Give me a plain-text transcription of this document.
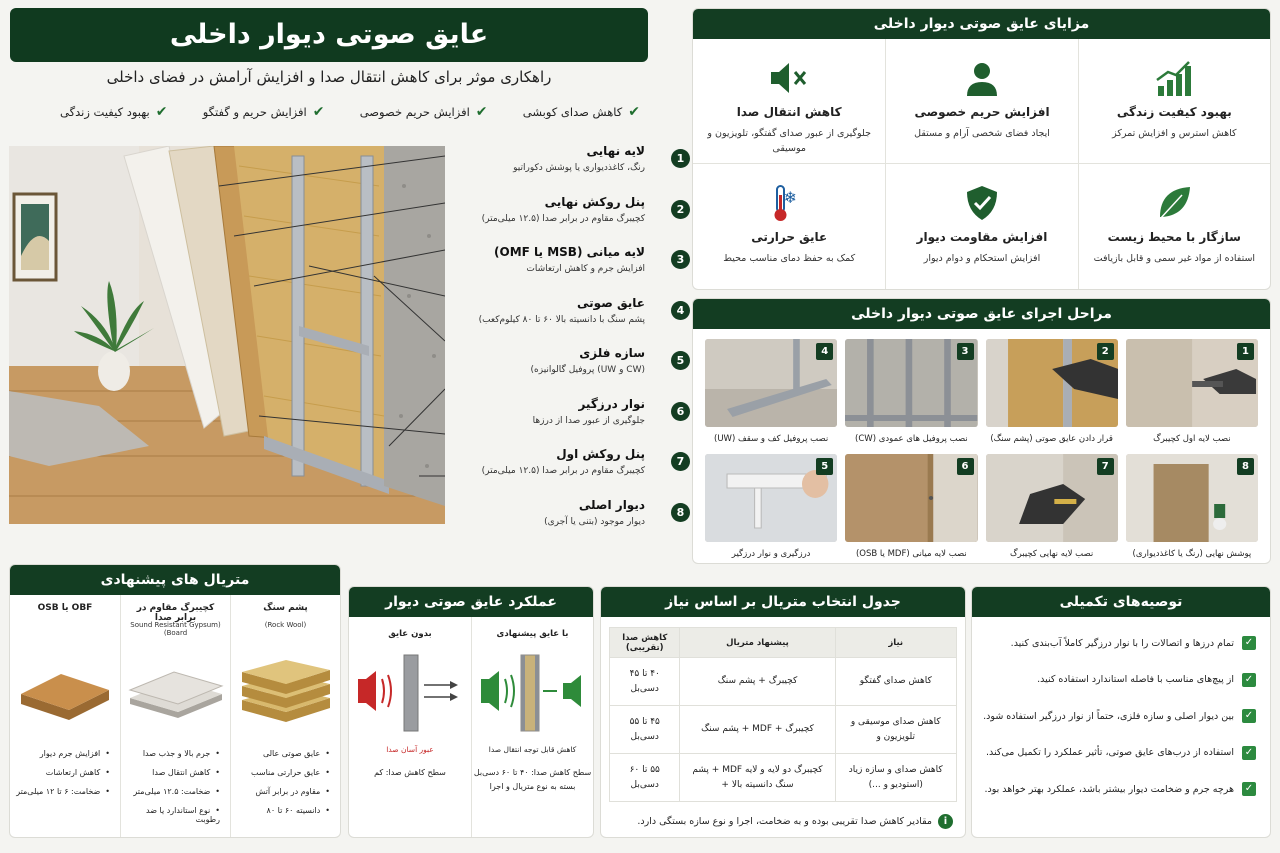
عایق صوتی دیوار داخلی
راهکاری موثر برای کاهش انتقال صدا و افزایش آرامش در فضای داخلی
✔
کاهش صدای کوبشی
✔
افزایش حریم خصوصی
✔
افزایش حریم و گفتگو
✔
بهبود کیفیت زندگی
1
لایه نهایی
رنگ، کاغذدیواری یا پوشش دکوراتیو
2
پنل روکش نهایی
کچیبرگ مقاوم در برابر صدا (۱۲.۵ میلی‌متر)
3
لایه میانی (MSB یا OMF)
افزایش جرم و کاهش ارتعاشات
4
عایق صوتی
پشم سنگ با دانسیته بالا ۶۰ تا ۸۰ کیلوم‌کعب)
5
سازه فلزی
(CW و UW) پروفیل گالوانیزه)
6
نوار درزگیر
جلوگیری از عبور صدا از درزها
7
پنل روکش اول
کچیبرگ مقاوم در برابر صدا (۱۲.۵ میلی‌متر)
8
دیوار اصلی
دیوار موجود (بتنی یا آجری)
مزایای عایق صوتی دیوار داخلی
بهبود کیفیت زندگی
کاهش استرس و افزایش تمرکز
افزایش حریم خصوصی
ایجاد فضای شخصی آرام و مستقل
کاهش انتقال صدا
جلوگیری از عبور صدای گفتگو، تلویزیون و موسیقی
سازگار با محیط زیست
استفاده از مواد غیر سمی و قابل بازیافت
افزایش مقاومت دیوار
افزایش استحکام و دوام دیوار
❄
عایق حرارتی
کمک به حفظ دمای مناسب محیط
مراحل اجرای عایق صوتی دیوار داخلی
1
نصب لایه اول کچیبرگ
2
قرار دادن عایق صوتی (پشم سنگ)
3
نصب پروفیل های عمودی (CW)
4
نصب پروفیل کف و سقف (UW)
8
پوشش نهایی (رنگ یا کاغذدیواری)
7
نصب لایه نهایی کچیبرگ
6
نصب لایه میانی (MDF یا OSB)
5
درزگیری و نوار درزگیر
متریال های پیشنهادی
پشم سنگ
(Rock Wool)
• عایق صوتی عالی
• عایق حرارتی مناسب
• مقاوم در برابر آتش
• دانسیته ۶۰ تا ۸۰
کچیبرگ مقاوم در برابر صدا
(Sound Resistant Gypsum Board)
• جرم بالا و جذب صدا
• کاهش انتقال صدا
• ضخامت: ۱۲.۵ میلی‌متر
• نوع استاندارد یا ضد رطوبت
OBF یا OSB
• افزایش جرم دیوار
• کاهش ارتعاشات
• ضخامت: ۶ تا ۱۲ میلی‌متر
عملکرد عایق صوتی دیوار
با عایق پیشنهادی
کاهش قابل توجه انتقال صدا
سطح کاهش صدا: ۴۰ تا ۶۰ دسی‌بل
بسته به نوع متریال و اجرا
بدون عایق
عبور آسان صدا
سطح کاهش صدا: کم
جدول انتخاب متریال بر اساس نیاز
نیاز	پیشنهاد متریال	کاهش صدا (تقریبی)
کاهش صدای گفتگو	کچیبرگ + پشم سنگ	۴۰ تا ۴۵ دسی‌بل
کاهش صدای موسیقی و تلویزیون و	کچیبرگ + MDF + پشم سنگ	۴۵ تا ۵۵ دسی‌بل
کاهش صدای و سازه زیاد (استودیو و ...)	کچیبرگ دو لایه و لایه MDF + پشم سنگ دانسیته بالا +	۵۵ تا ۶۰ دسی‌بل
i
مقادیر کاهش صدا تقریبی بوده و به ضخامت، اجرا و نوع سازه بستگی دارد.
توصیه‌های تکمیلی
✓
تمام درزها و اتصالات را با نوار درزگیر کاملاً آب‌بندی کنید.
✓
از پیچ‌های مناسب با فاصله استاندارد استفاده کنید.
✓
بین دیوار اصلی و سازه فلزی، حتماً از نوار درزگیر استفاده شود.
✓
استفاده از درب‌های عایق صوتی، تأثیر عملکرد را تکمیل می‌کند.
✓
هرچه جرم و ضخامت دیوار بیشتر باشد، عملکرد بهتر خواهد بود.
